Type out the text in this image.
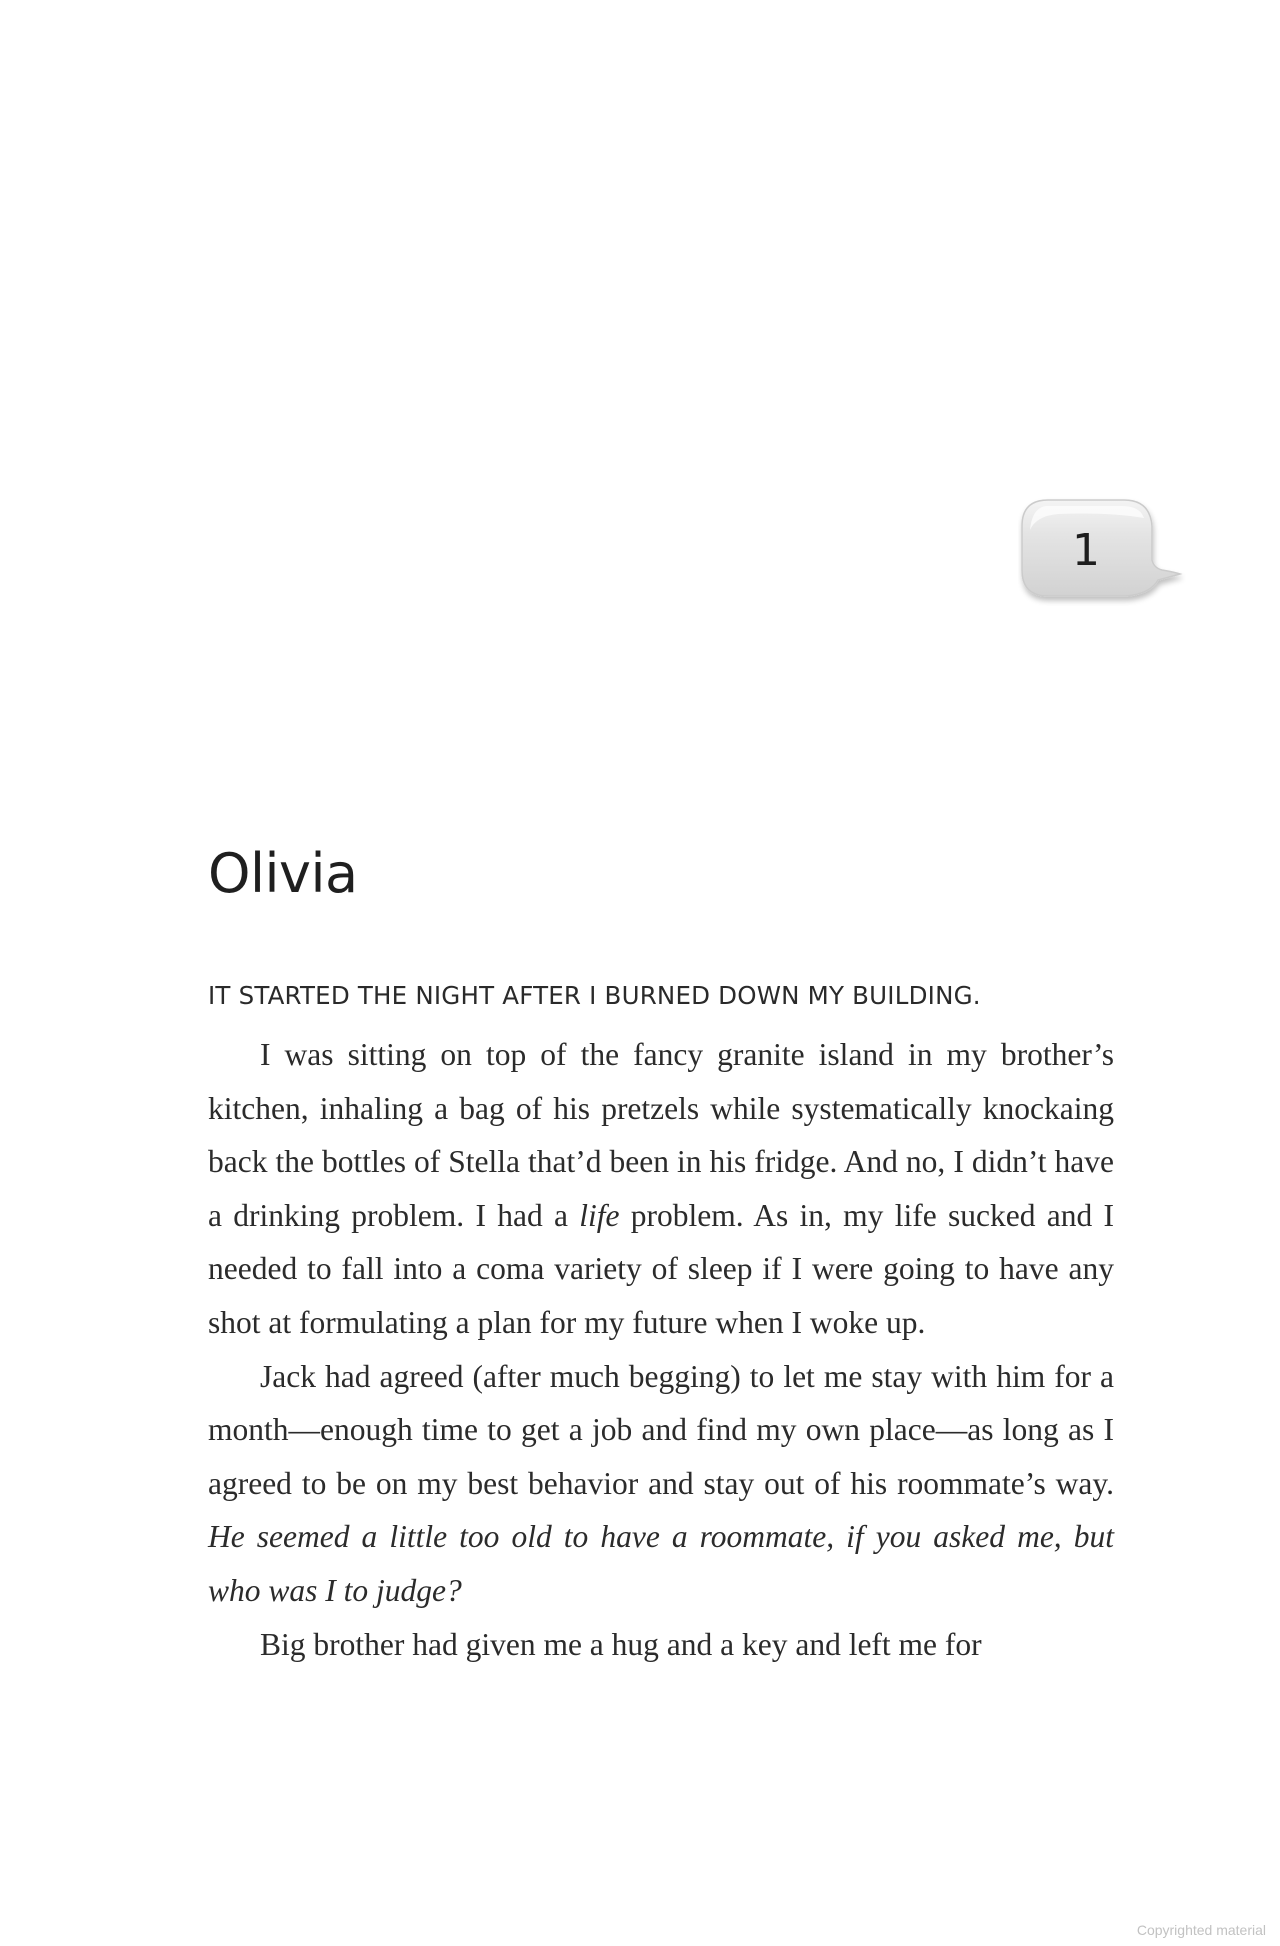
1
Olivia

IT STARTED THE NIGHT AFTER I BURNED DOWN MY BUILDING.

I was sitting on top of the fancy granite island in my brother’s kitchen, inhaling a bag of his pretzels while systematically knockaing back the bottles of Stella that’d been in his fridge. And no, I didn’t have a drinking problem. I had a life problem. As in, my life sucked and I needed to fall into a coma variety of sleep if I were going to have any shot at formulating a plan for my future when I woke up.

Jack had agreed (after much begging) to let me stay with him for a month—enough time to get a job and find my own place—as long as I agreed to be on my best behavior and stay out of his roommate’s way. He seemed a little too old to have a roommate, if you asked me, but who was I to judge?

Big brother had given me a hug and a key and left me for

Copyrighted material
